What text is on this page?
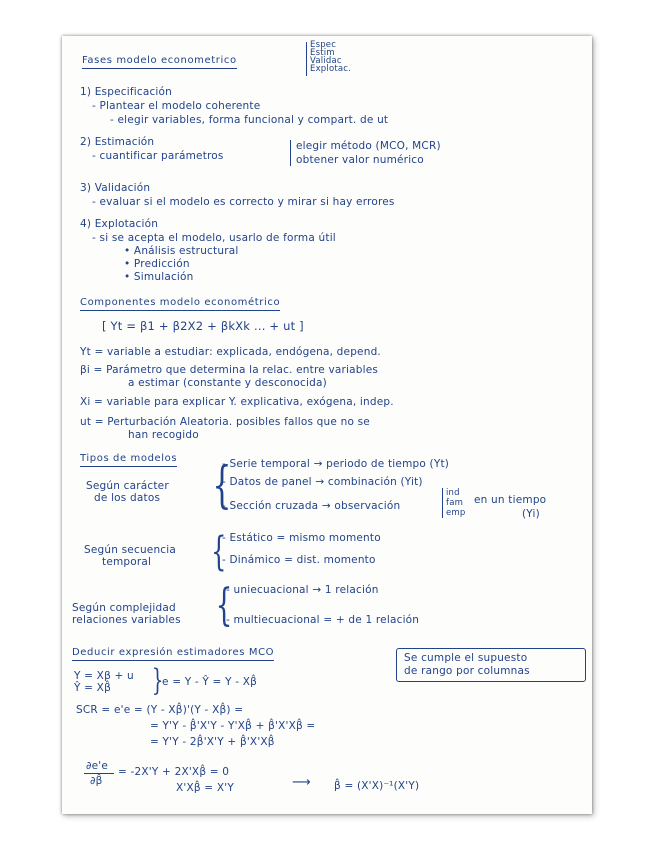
Fases modelo econometrico
Espec
Estim
Validac
Explotac.
1) Especificación
- Plantear el modelo coherente
- elegir variables, forma funcional y compart. de ut
2) Estimación
- cuantificar parámetros
elegir método (MCO, MCR)
obtener valor numérico
3) Validación
- evaluar si el modelo es correcto y mirar si hay errores
4) Explotación
- si se acepta el modelo, usarlo de forma útil
• Análisis estructural
• Predicción
• Simulación
Componentes modelo econométrico
[ Yt = β1 + β2X2 + βkXk ... + ut ]
Yt = variable a estudiar: explicada, endógena, depend.
βi = Parámetro que determina la relac. entre variables
a estimar (constante y desconocida)
Xi = variable para explicar Y. explicativa, exógena, indep.
ut = Perturbación Aleatoria. posibles fallos que no se
han recogido
Tipos de modelos
Según carácter
de los datos {
- Serie temporal → periodo de tiempo (Yt)
- Datos de panel → combinación (Yit)
- Sección cruzada → observación
ind
fam
emp
en un tiempo
(Yi)
Según secuencia
temporal {
- Estático = mismo momento
- Dinámico = dist. momento
Según complejidad
relaciones variables {
- uniecuacional → 1 relación
- multiecuacional = + de 1 relación
Deducir expresión estimadores MCO	Se cumple el supuesto
de rango por columnas
Y = Xβ + u
Ŷ = Xβ̂ }
e = Y - Ŷ = Y - Xβ̂
SCR = e'e = (Y - Xβ̂)'(Y - Xβ̂) =
= Y'Y - β̂'X'Y - Y'Xβ̂ + β̂'X'Xβ̂ =
= Y'Y - 2β̂'X'Y + β̂'X'Xβ̂
∂e'e
∂β̂
= -2X'Y + 2X'Xβ̂ = 0
X'Xβ̂ = X'Y	⟶ β̂ = (X'X)⁻¹(X'Y)
